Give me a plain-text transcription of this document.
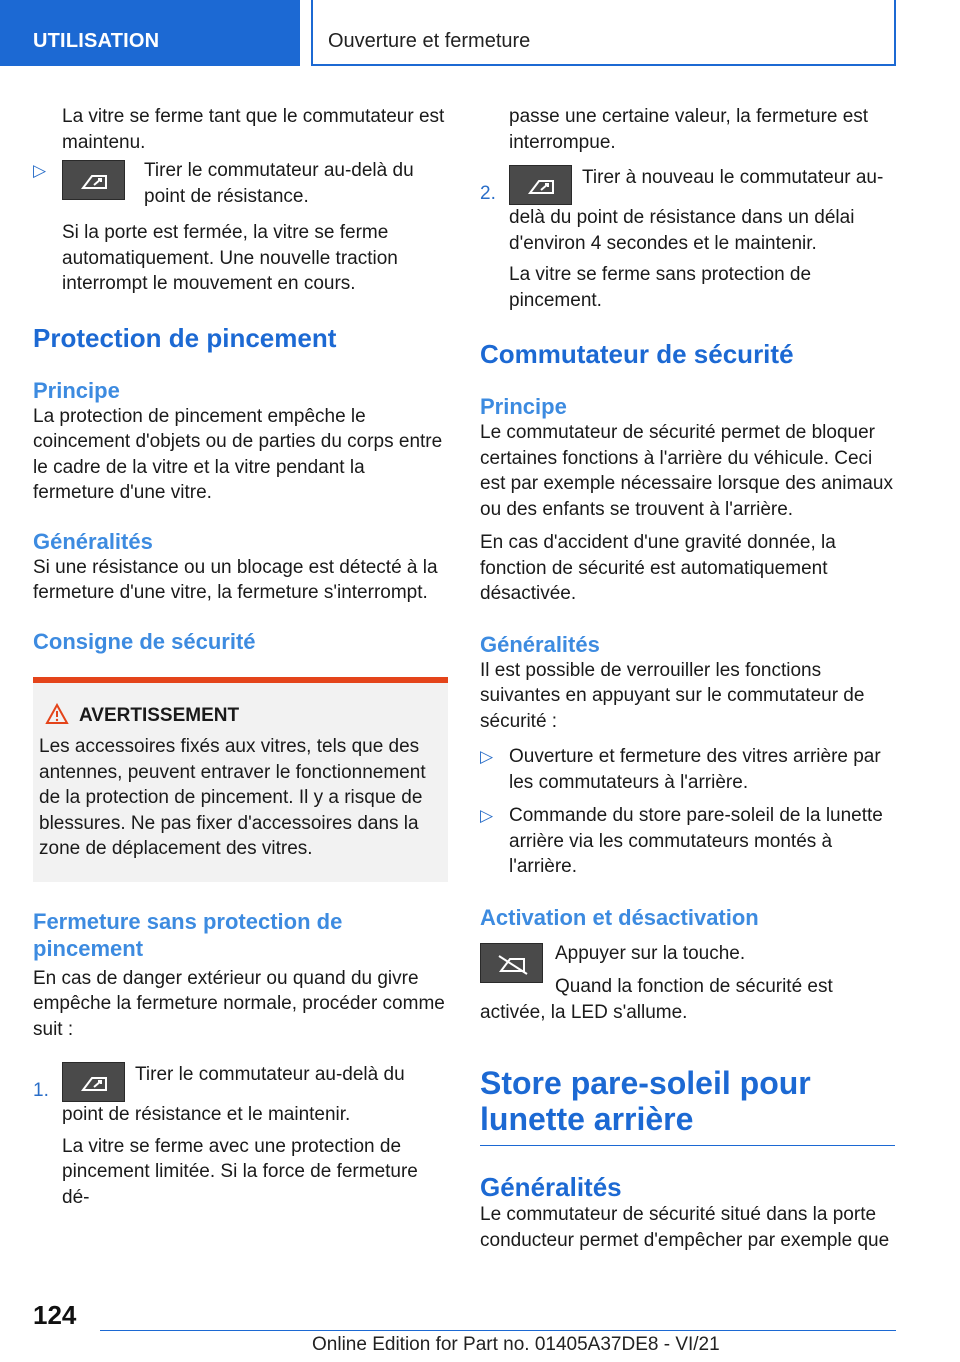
UTILISATION	Ouverture et fermeture

La vitre se ferme tant que le commutateur est maintenu.

▷	Tirer le commutateur au-delà du point de résistance.

Si la porte est fermée, la vitre se ferme automatiquement. Une nouvelle traction interrompt le mouvement en cours.

Protection de pincement
Principe

La protection de pincement empêche le coincement d'objets ou de parties du corps entre le cadre de la vitre et la vitre pendant la fermeture d'une vitre.

Généralités

Si une résistance ou un blocage est détecté à la fermeture d'une vitre, la fermeture s'interrompt.

Consigne de sécurité
AVERTISSEMENT

Les accessoires fixés aux vitres, tels que des antennes, peuvent entraver le fonctionnement de la protection de pincement. Il y a risque de blessures. Ne pas fixer d'accessoires dans la zone de déplacement des vitres.

Fermeture sans protection de pincement

En cas de danger extérieur ou quand du givre empêche la fermeture normale, procéder comme suit :

1.
Tirer le commutateur au-delà du point de résistance et le maintenir.

La vitre se ferme avec une protection de pincement limitée. Si la force de fermeture dé-

passe une certaine valeur, la fermeture est interrompue.

2.
Tirer à nouveau le commutateur au-delà du point de résistance dans un délai d'environ 4 secondes et le maintenir.

La vitre se ferme sans protection de pincement.

Commutateur de sécurité
Principe

Le commutateur de sécurité permet de bloquer certaines fonctions à l'arrière du véhicule. Ceci est par exemple nécessaire lorsque des animaux ou des enfants se trouvent à l'arrière.

En cas d'accident d'une gravité donnée, la fonction de sécurité est automatiquement désactivée.

Généralités

Il est possible de verrouiller les fonctions suivantes en appuyant sur le commutateur de sécurité :

▷ Ouverture et fermeture des vitres arrière par les commutateurs à l'arrière.
▷ Commande du store pare-soleil de la lunette arrière via les commutateurs montés à l'arrière.
Activation et désactivation

Appuyer sur la touche.

Quand la fonction de sécurité est activée, la LED s'allume.

Store pare-soleil pour lunette arrière
Généralités

Le commutateur de sécurité situé dans la porte conducteur permet d'empêcher par exemple que

124
Online Edition for Part no. 01405A37DE8 - VI/21
